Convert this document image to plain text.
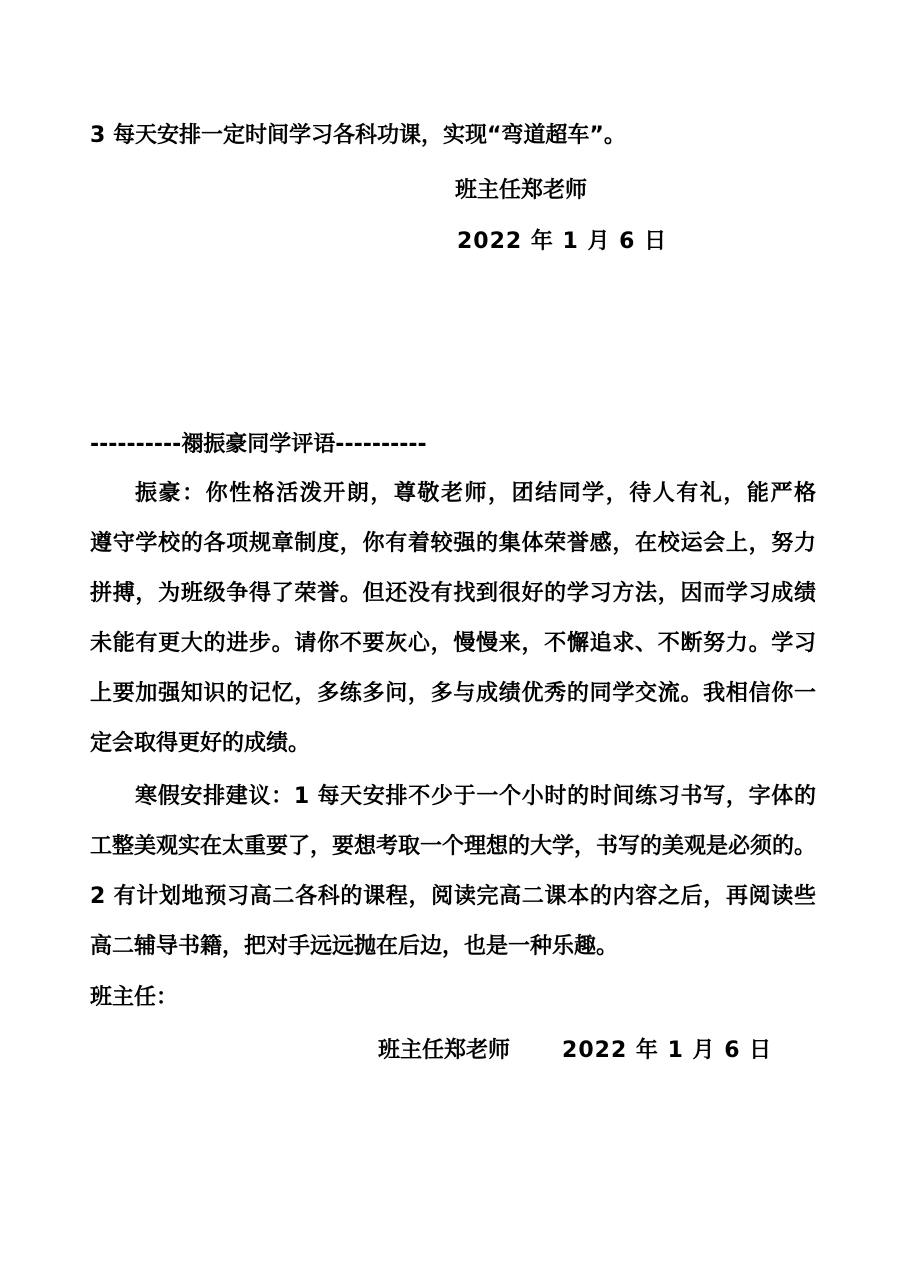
3 每天安排一定时间学习各科功课，实现“弯道超车”。
班主任郑老师
2022 年 1 月 6 日
----------禤振豪同学评语----------
振豪：你性格活泼开朗，尊敬老师，团结同学，待人有礼，能严格
遵守学校的各项规章制度，你有着较强的集体荣誉感，在校运会上，努力
拼搏，为班级争得了荣誉。但还没有找到很好的学习方法，因而学习成绩
未能有更大的进步。请你不要灰心，慢慢来，不懈追求、不断努力。学习
上要加强知识的记忆，多练多问，多与成绩优秀的同学交流。我相信你一
定会取得更好的成绩。
寒假安排建议：1 每天安排不少于一个小时的时间练习书写，字体的
工整美观实在太重要了，要想考取一个理想的大学，书写的美观是必须的。
2 有计划地预习高二各科的课程，阅读完高二课本的内容之后，再阅读些
高二辅导书籍，把对手远远抛在后边，也是一种乐趣。
班主任：
班主任郑老师 2022 年 1 月 6 日
